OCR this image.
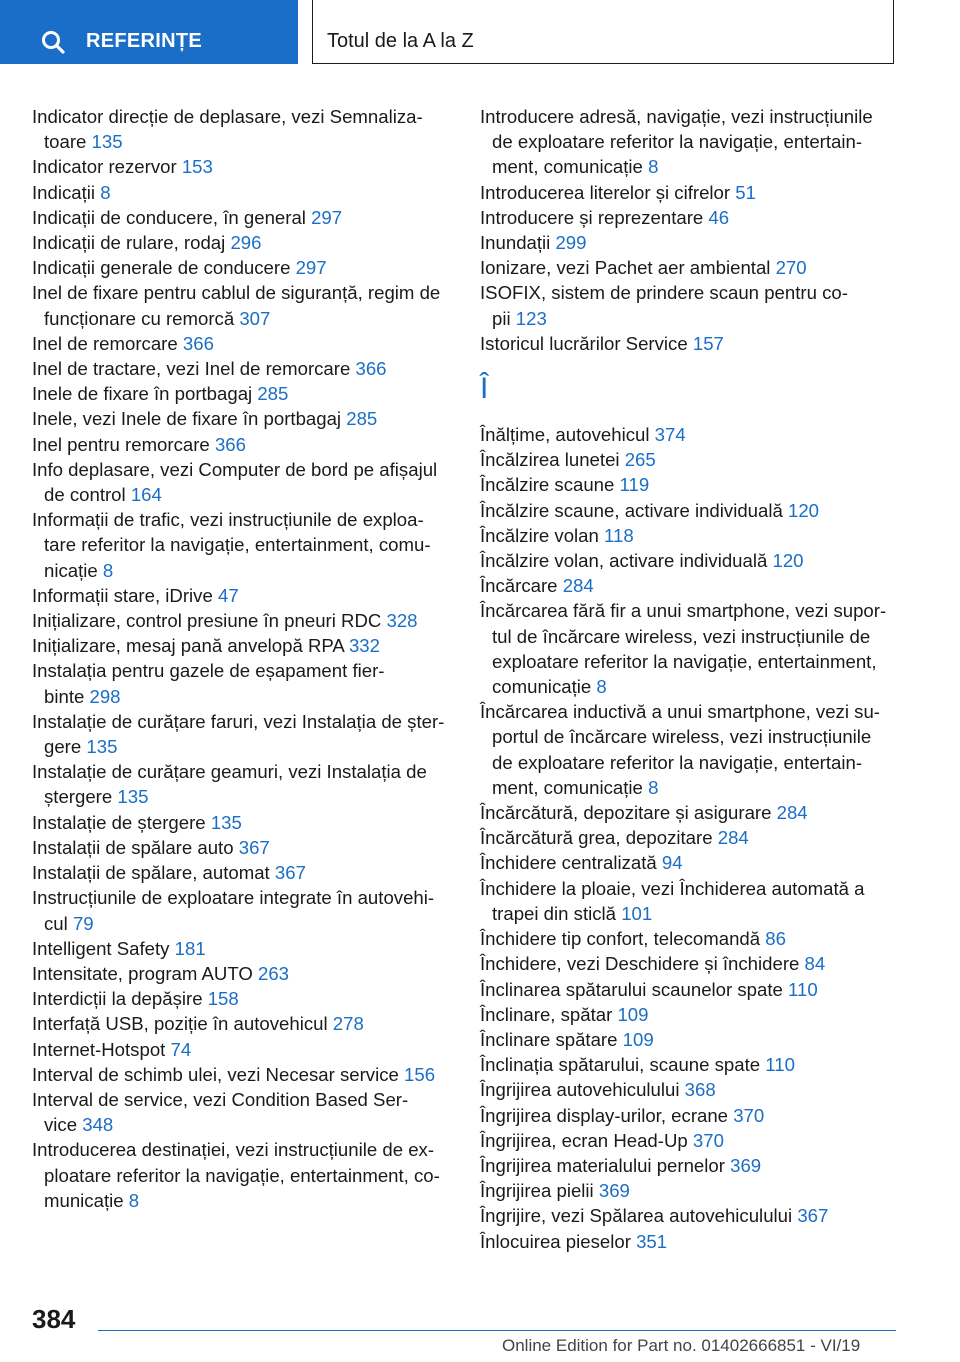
REFERINȚE	Totul de la A la Z
Indicator direcție de deplasare, vezi Semnaliza-
toare 135
Indicator rezervor 153
Indicații 8
Indicații de conducere, în general 297
Indicații de rulare, rodaj 296
Indicații generale de conducere 297
Inel de fixare pentru cablul de siguranță, regim de
funcționare cu remorcă 307
Inel de remorcare 366
Inel de tractare, vezi Inel de remorcare 366
Inele de fixare în portbagaj 285
Inele, vezi Inele de fixare în portbagaj 285
Inel pentru remorcare 366
Info deplasare, vezi Computer de bord pe afișajul
de control 164
Informații de trafic, vezi instrucțiunile de exploa-
tare referitor la navigație, entertainment, comu-
nicație 8
Informații stare, iDrive 47
Inițializare, control presiune în pneuri RDC 328
Inițializare, mesaj pană anvelopă RPA 332
Instalația pentru gazele de eșapament fier-
binte 298
Instalație de curățare faruri, vezi Instalația de șter-
gere 135
Instalație de curățare geamuri, vezi Instalația de
ștergere 135
Instalație de ștergere 135
Instalații de spălare auto 367
Instalații de spălare, automat 367
Instrucțiunile de exploatare integrate în autovehi-
cul 79
Intelligent Safety 181
Intensitate, program AUTO 263
Interdicții la depășire 158
Interfață USB, poziție în autovehicul 278
Internet-Hotspot 74
Interval de schimb ulei, vezi Necesar service 156
Interval de service, vezi Condition Based Ser-
vice 348
Introducerea destinației, vezi instrucțiunile de ex-
ploatare referitor la navigație, entertainment, co-
municație 8
Introducere adresă, navigație, vezi instrucțiunile
de exploatare referitor la navigație, entertain-
ment, comunicație 8
Introducerea literelor și cifrelor 51
Introducere și reprezentare 46
Inundații 299
Ionizare, vezi Pachet aer ambiental 270
ISOFIX, sistem de prindere scaun pentru co-
pii 123
Istoricul lucrărilor Service 157
Î
Înălțime, autovehicul 374
Încălzirea lunetei 265
Încălzire scaune 119
Încălzire scaune, activare individuală 120
Încălzire volan 118
Încălzire volan, activare individuală 120
Încărcare 284
Încărcarea fără fir a unui smartphone, vezi supor-
tul de încărcare wireless, vezi instrucțiunile de
exploatare referitor la navigație, entertainment,
comunicație 8
Încărcarea inductivă a unui smartphone, vezi su-
portul de încărcare wireless, vezi instrucțiunile
de exploatare referitor la navigație, entertain-
ment, comunicație 8
Încărcătură, depozitare și asigurare 284
Încărcătură grea, depozitare 284
Închidere centralizată 94
Închidere la ploaie, vezi Închiderea automată a
trapei din sticlă 101
Închidere tip confort, telecomandă 86
Închidere, vezi Deschidere și închidere 84
Înclinarea spătarului scaunelor spate 110
Înclinare, spătar 109
Înclinare spătare 109
Înclinația spătarului, scaune spate 110
Îngrijirea autovehiculului 368
Îngrijirea display-urilor, ecrane 370
Îngrijirea, ecran Head-Up 370
Îngrijirea materialului pernelor 369
Îngrijirea pielii 369
Îngrijire, vezi Spălarea autovehiculului 367
Înlocuirea pieselor 351
384
Online Edition for Part no. 01402666851 - VI/19
